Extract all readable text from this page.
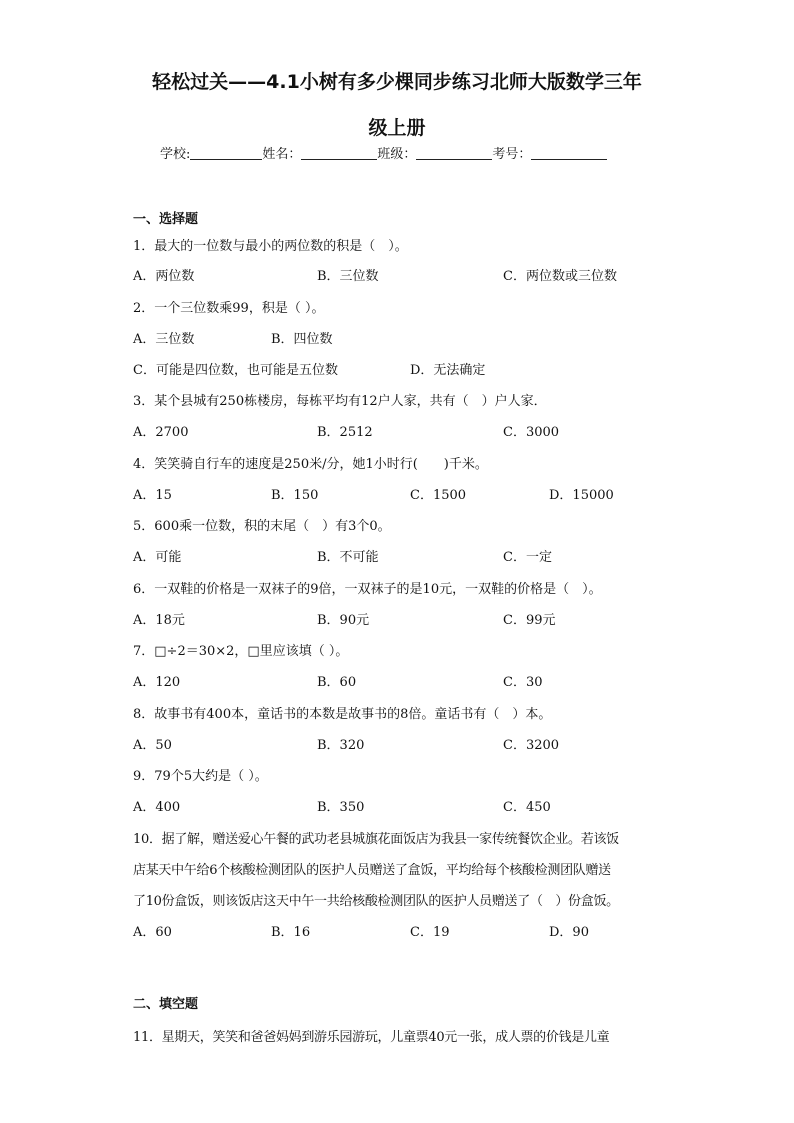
轻松过关——4.1小树有多少棵同步练习北师大版数学三年
级上册
学校:	姓名：	班级：	考号：
一、选择题
1．最大的一位数与最小的两位数的积是（　）。
A．两位数	B．三位数	C．两位数或三位数
2．一个三位数乘99，积是（ ）。
A．三位数	B．四位数
C．可能是四位数，也可能是五位数	D．无法确定
3．某个县城有250栋楼房，每栋平均有12户人家，共有（　）户人家．
A．2700	B．2512	C．3000
4．笑笑骑自行车的速度是250米/分，她1小时行(　　)千米。
A．15	B．150	C．1500	D．15000
5．600乘一位数，积的末尾（　）有3个0。
A．可能	B．不可能	C．一定
6．一双鞋的价格是一双袜子的9倍，一双袜子的是10元，一双鞋的价格是（　）。
A．18元	B．90元	C．99元
7．□÷2＝30×2，□里应该填（ ）。
A．120	B．60	C．30
8．故事书有400本，童话书的本数是故事书的8倍。童话书有（　）本。
A．50	B．320	C．3200
9．79个5大约是（ ）。
A．400	B．350	C．450
10．据了解，赠送爱心午餐的武功老县城旗花面饭店为我县一家传统餐饮企业。若该饭
店某天中午给6个核酸检测团队的医护人员赠送了盒饭，平均给每个核酸检测团队赠送
了10份盒饭，则该饭店这天中午一共给核酸检测团队的医护人员赠送了（　）份盒饭。
A．60	B．16	C．19	D．90
二、填空题
11．星期天，笑笑和爸爸妈妈到游乐园游玩，儿童票40元一张，成人票的价钱是儿童
